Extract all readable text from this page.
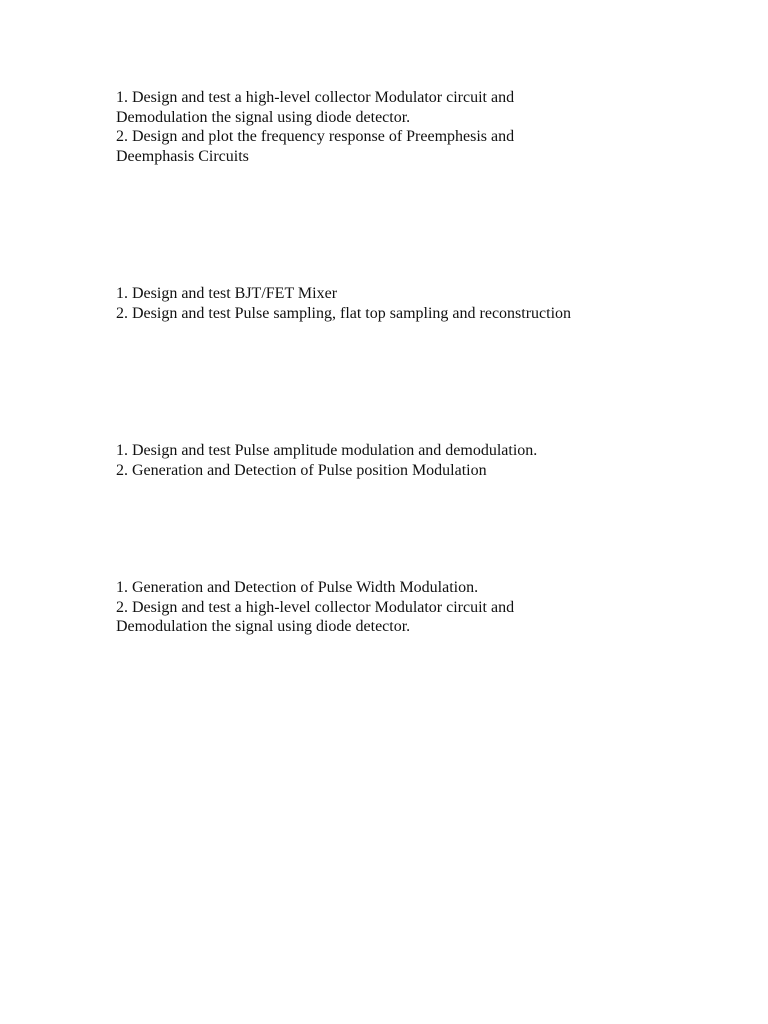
1. Design and test a high-level collector Modulator circuit and
Demodulation the signal using diode detector.
2. Design and plot the frequency response of Preemphesis and
Deemphasis Circuits
1. Design and test BJT/FET Mixer
2. Design and test Pulse sampling, flat top sampling and reconstruction
1. Design and test Pulse amplitude modulation and demodulation.
2. Generation and Detection of Pulse position Modulation
1. Generation and Detection of Pulse Width Modulation.
2. Design and test a high-level collector Modulator circuit and
Demodulation the signal using diode detector.
